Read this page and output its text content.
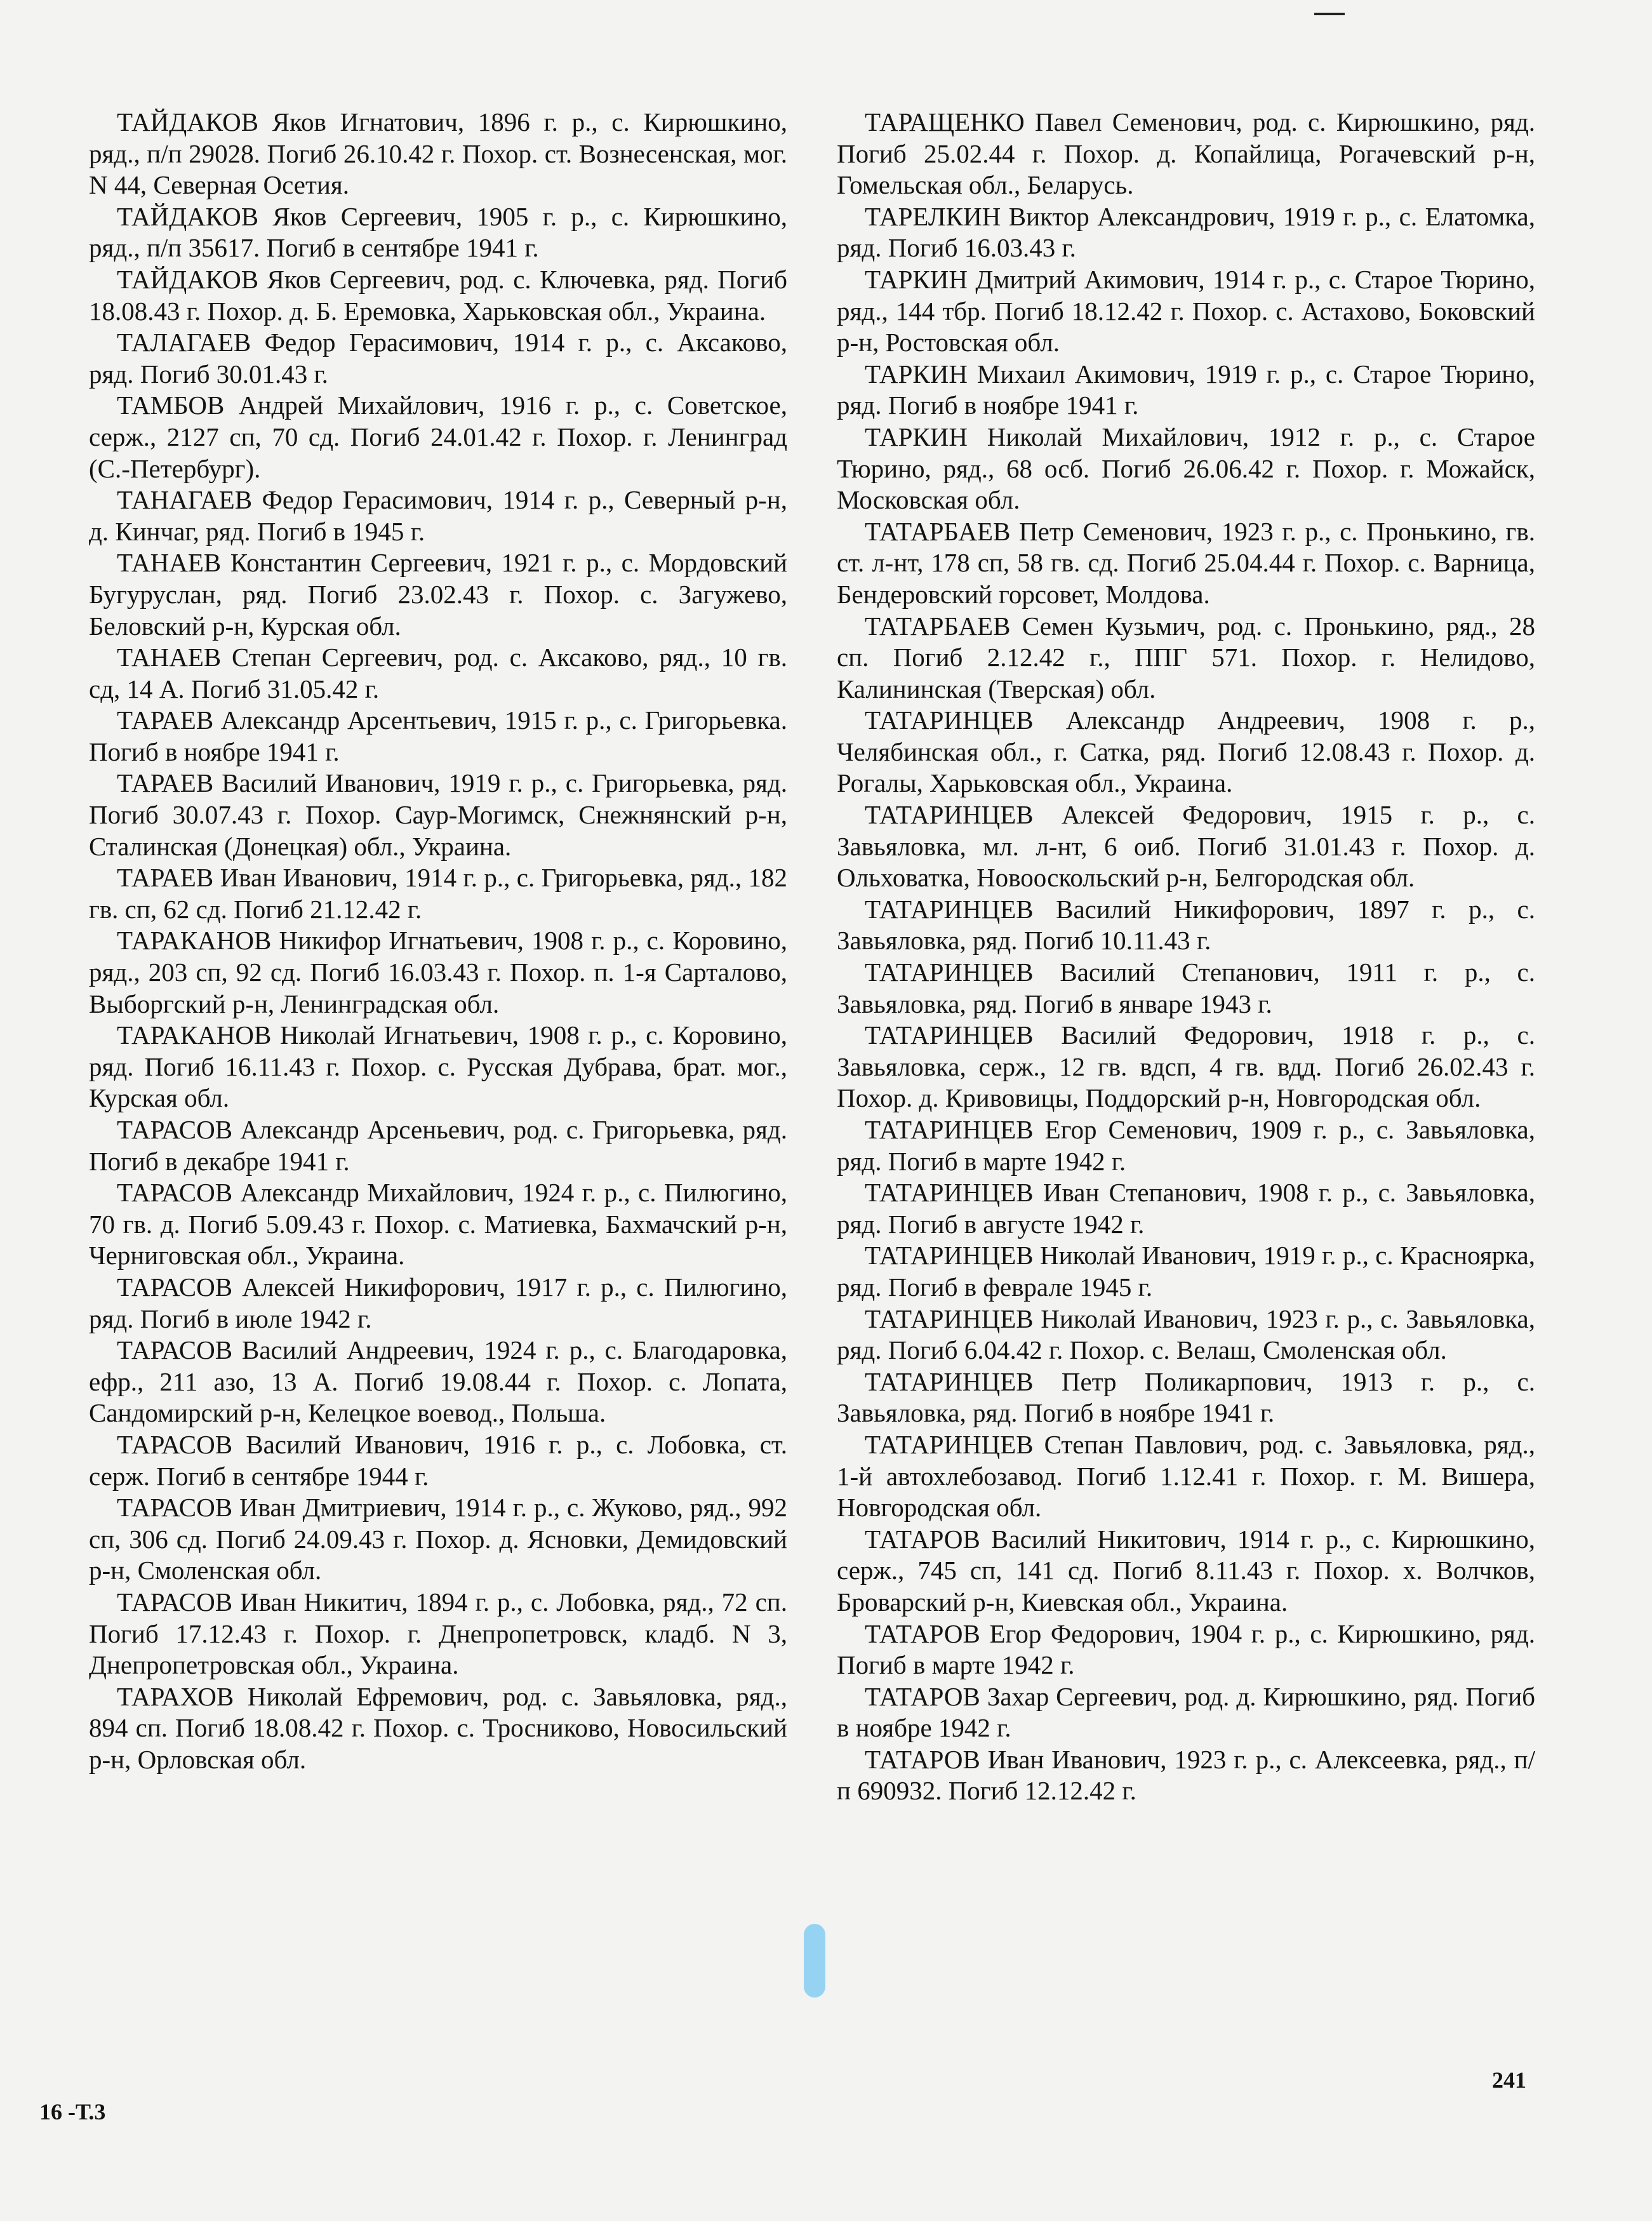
ТАЙДАКОВ Яков Игнатович, 1896 г. р., с. Кирюшкино, ряд., п/п 29028. Погиб 26.10.42 г. Похор. ст. Вознесенская, мог. N 44, Северная Осетия.

ТАЙДАКОВ Яков Сергеевич, 1905 г. р., с. Кирюшкино, ряд., п/п 35617. Погиб в сентябре 1941 г.

ТАЙДАКОВ Яков Сергеевич, род. с. Ключевка, ряд. Погиб 18.08.43 г. Похор. д. Б. Еремовка, Харьковская обл., Украина.

ТАЛАГАЕВ Федор Герасимович, 1914 г. р., с. Аксаково, ряд. Погиб 30.01.43 г.

ТАМБОВ Андрей Михайлович, 1916 г. р., с. Советское, серж., 2127 сп, 70 сд. Погиб 24.01.42 г. Похор. г. Ленинград (С.-Петербург).

ТАНАГАЕВ Федор Герасимович, 1914 г. р., Северный р-н, д. Кинчаг, ряд. Погиб в 1945 г.

ТАНАЕВ Константин Сергеевич, 1921 г. р., с. Мордовский Бугуруслан, ряд. Погиб 23.02.43 г. Похор. с. Загужево, Беловский р-н, Курская обл.

ТАНАЕВ Степан Сергеевич, род. с. Аксаково, ряд., 10 гв. сд, 14 А. Погиб 31.05.42 г.

ТАРАЕВ Александр Арсентьевич, 1915 г. р., с. Григорьевка. Погиб в ноябре 1941 г.

ТАРАЕВ Василий Иванович, 1919 г. р., с. Григорьевка, ряд. Погиб 30.07.43 г. Похор. Саур-Могимск, Снежнянский р-н, Сталинская (Донецкая) обл., Украина.

ТАРАЕВ Иван Иванович, 1914 г. р., с. Григорьевка, ряд., 182 гв. сп, 62 сд. Погиб 21.12.42 г.

ТАРАКАНОВ Никифор Игнатьевич, 1908 г. р., с. Коровино, ряд., 203 сп, 92 сд. Погиб 16.03.43 г. Похор. п. 1-я Сарталово, Выборгский р-н, Ленинградская обл.

ТАРАКАНОВ Николай Игнатьевич, 1908 г. р., с. Коровино, ряд. Погиб 16.11.43 г. Похор. с. Русская Дубрава, брат. мог., Курская обл.

ТАРАСОВ Александр Арсеньевич, род. с. Григорьевка, ряд. Погиб в декабре 1941 г.

ТАРАСОВ Александр Михайлович, 1924 г. р., с. Пилюгино, 70 гв. д. Погиб 5.09.43 г. Похор. с. Матиевка, Бахмачский р-н, Черниговская обл., Украина.

ТАРАСОВ Алексей Никифорович, 1917 г. р., с. Пилюгино, ряд. Погиб в июле 1942 г.

ТАРАСОВ Василий Андреевич, 1924 г. р., с. Благодаровка, ефр., 211 азо, 13 А. Погиб 19.08.44 г. Похор. с. Лопата, Сандомирский р-н, Келецкое воевод., Польша.

ТАРАСОВ Василий Иванович, 1916 г. р., с. Лобовка, ст. серж. Погиб в сентябре 1944 г.

ТАРАСОВ Иван Дмитриевич, 1914 г. р., с. Жуково, ряд., 992 сп, 306 сд. Погиб 24.09.43 г. Похор. д. Ясновки, Демидовский р-н, Смоленская обл.

ТАРАСОВ Иван Никитич, 1894 г. р., с. Лобовка, ряд., 72 сп. Погиб 17.12.43 г. Похор. г. Днепропетровск, кладб. N 3, Днепропетровская обл., Украина.

ТАРАХОВ Николай Ефремович, род. с. Завьяловка, ряд., 894 сп. Погиб 18.08.42 г. Похор. с. Тросниково, Новосильский р-н, Орловская обл.

ТАРАЩЕНКО Павел Семенович, род. с. Кирюшкино, ряд. Погиб 25.02.44 г. Похор. д. Копайлица, Рогачевский р-н, Гомельская обл., Беларусь.

ТАРЕЛКИН Виктор Александрович, 1919 г. р., с. Елатомка, ряд. Погиб 16.03.43 г.

ТАРКИН Дмитрий Акимович, 1914 г. р., с. Старое Тюрино, ряд., 144 тбр. Погиб 18.12.42 г. Похор. с. Астахово, Боковский р-н, Ростовская обл.

ТАРКИН Михаил Акимович, 1919 г. р., с. Старое Тюрино, ряд. Погиб в ноябре 1941 г.

ТАРКИН Николай Михайлович, 1912 г. р., с. Старое Тюрино, ряд., 68 осб. Погиб 26.06.42 г. Похор. г. Можайск, Московская обл.

ТАТАРБАЕВ Петр Семенович, 1923 г. р., с. Пронькино, гв. ст. л-нт, 178 сп, 58 гв. сд. Погиб 25.04.44 г. Похор. с. Варница, Бендеровский горсовет, Молдова.

ТАТАРБАЕВ Семен Кузьмич, род. с. Пронькино, ряд., 28 сп. Погиб 2.12.42 г., ППГ 571. Похор. г. Нелидово, Калининская (Тверская) обл.

ТАТАРИНЦЕВ Александр Андреевич, 1908 г. р., Челябинская обл., г. Сатка, ряд. Погиб 12.08.43 г. Похор. д. Рогалы, Харьковская обл., Украина.

ТАТАРИНЦЕВ Алексей Федорович, 1915 г. р., с. Завьяловка, мл. л-нт, 6 оиб. Погиб 31.01.43 г. Похор. д. Ольховатка, Новооскольский р-н, Белгородская обл.

ТАТАРИНЦЕВ Василий Никифорович, 1897 г. р., с. Завьяловка, ряд. Погиб 10.11.43 г.

ТАТАРИНЦЕВ Василий Степанович, 1911 г. р., с. Завьяловка, ряд. Погиб в январе 1943 г.

ТАТАРИНЦЕВ Василий Федорович, 1918 г. р., с. Завьяловка, серж., 12 гв. вдсп, 4 гв. вдд. Погиб 26.02.43 г. Похор. д. Кривовицы, Поддорский р-н, Новгородская обл.

ТАТАРИНЦЕВ Егор Семенович, 1909 г. р., с. Завьяловка, ряд. Погиб в марте 1942 г.

ТАТАРИНЦЕВ Иван Степанович, 1908 г. р., с. Завьяловка, ряд. Погиб в августе 1942 г.

ТАТАРИНЦЕВ Николай Иванович, 1919 г. р., с. Красноярка, ряд. Погиб в феврале 1945 г.

ТАТАРИНЦЕВ Николай Иванович, 1923 г. р., с. Завьяловка, ряд. Погиб 6.04.42 г. Похор. с. Велаш, Смоленская обл.

ТАТАРИНЦЕВ Петр Поликарпович, 1913 г. р., с. Завьяловка, ряд. Погиб в ноябре 1941 г.

ТАТАРИНЦЕВ Степан Павлович, род. с. Завьяловка, ряд., 1-й автохлебозавод. Погиб 1.12.41 г. Похор. г. М. Вишера, Новгородская обл.

ТАТАРОВ Василий Никитович, 1914 г. р., с. Кирюшкино, серж., 745 сп, 141 сд. Погиб 8.11.43 г. Похор. х. Волчков, Броварский р-н, Киевская обл., Украина.

ТАТАРОВ Егор Федорович, 1904 г. р., с. Кирюшкино, ряд. Погиб в марте 1942 г.

ТАТАРОВ Захар Сергеевич, род. д. Кирюшкино, ряд. Погиб в ноябре 1942 г.

ТАТАРОВ Иван Иванович, 1923 г. р., с. Алексеевка, ряд., п/п 690932. Погиб 12.12.42 г.

241
16 -Т.3
